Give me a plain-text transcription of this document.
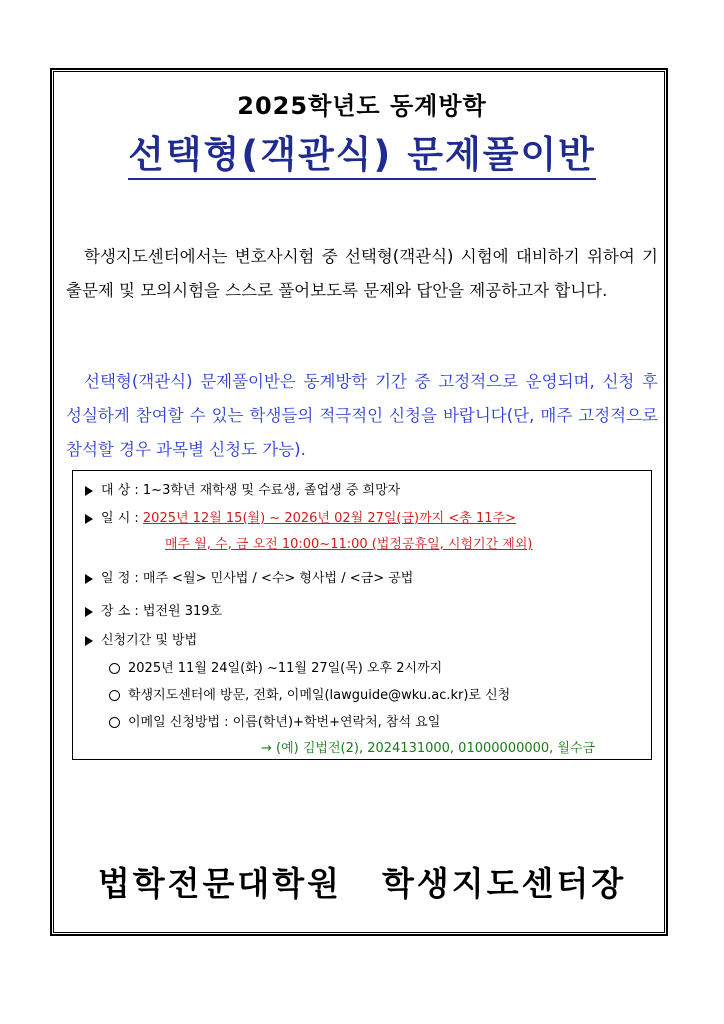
2025학년도 동계방학
선택형(객관식) 문제풀이반
학생지도센터에서는 변호사시험 중 선택형(객관식) 시험에 대비하기 위하여 기출문제 및 모의시험을 스스로 풀어보도록 문제와 답안을 제공하고자 합니다.
선택형(객관식) 문제풀이반은 동계방학 기간 중 고정적으로 운영되며, 신청 후 성실하게 참여할 수 있는 학생들의 적극적인 신청을 바랍니다(단, 매주 고정적으로 참석할 경우 과목별 신청도 가능).
대 상 : 1~3학년 재학생 및 수료생, 졸업생 중 희망자
일 시 : 2025년 12월 15(월) ~ 2026년 02월 27일(금)까지 <총 11주>
매주 월, 수, 금 오전 10:00~11:00 (법정공휴일, 시험기간 제외)
일 정 : 매주 <월> 민사법 / <수> 형사법 / <금> 공법
장 소 : 법전원 319호
신청기간 및 방법
2025년 11월 24일(화) ~11월 27일(목) 오후 2시까지
학생지도센터에 방문, 전화, 이메일(lawguide@wku.ac.kr)로 신청
이메일 신청방법 : 이름(학년)+학번+연락처, 참석 요일
→ (예) 김법전(2), 2024131000, 01000000000, 월수금
법학전문대학원 학생지도센터장
